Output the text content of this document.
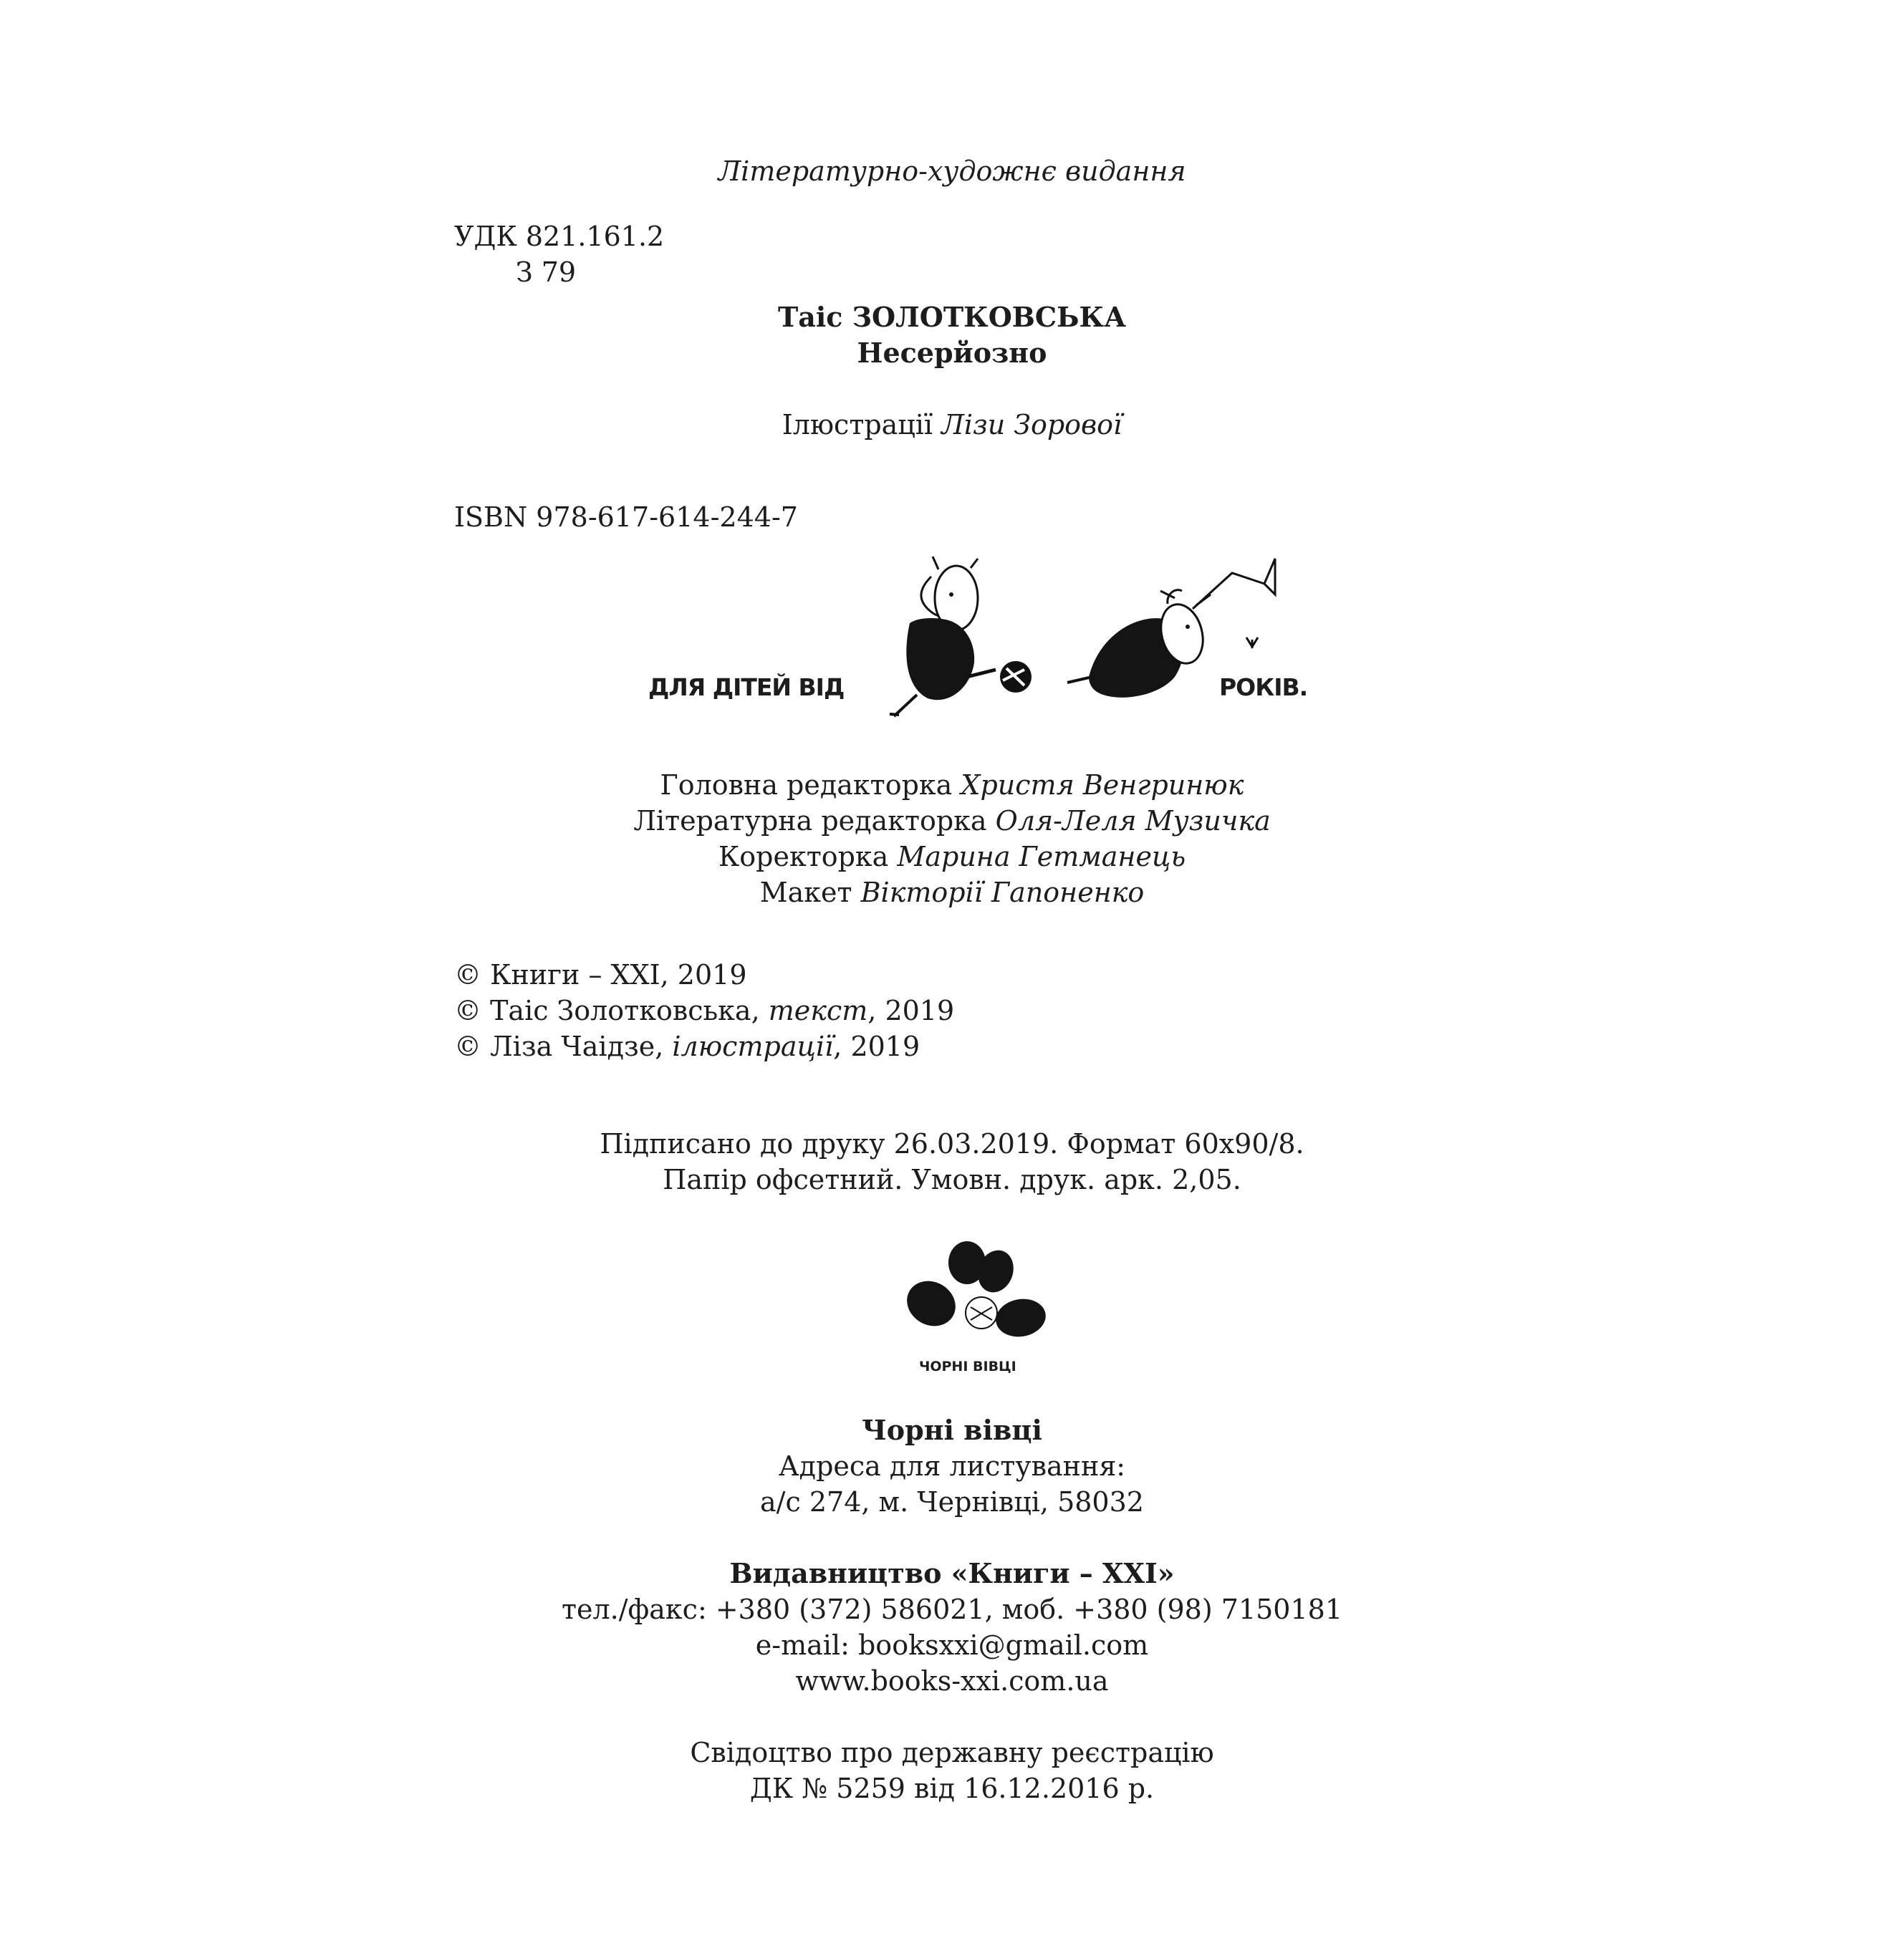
Літературно-художнє видання
УДК 821.161.2
З 79
Таіс ЗОЛОТКОВСЬКА
Несерйозно
Ілюстрації Лізи Зорової
ISBN 978-617-614-244-7
ДЛЯ ДІТЕЙ ВІД	РОКІВ.
Головна редакторка Христя Венгринюк
Літературна редакторка Оля-Леля Музичка
Коректорка Марина Гетманець
Макет Вікторії Гапоненко
© Книги – XXI, 2019
© Таіс Золотковська, текст, 2019
© Ліза Чаідзе, ілюстрації, 2019
Підписано до друку 26.03.2019. Формат 60x90/8.
Папір офсетний. Умовн. друк. арк. 2,05.
ЧОРНІ ВІВЦІ
Чорні вівці
Адреса для листування:
а/с 274, м. Чернівці, 58032
Видавництво «Книги – XXI»
тел./факс: +380 (372) 586021, моб. +380 (98) 7150181
e-mail: booksxxi@gmail.com
www.books-xxi.com.ua
Свідоцтво про державну реєстрацію
ДК № 5259 від 16.12.2016 р.
